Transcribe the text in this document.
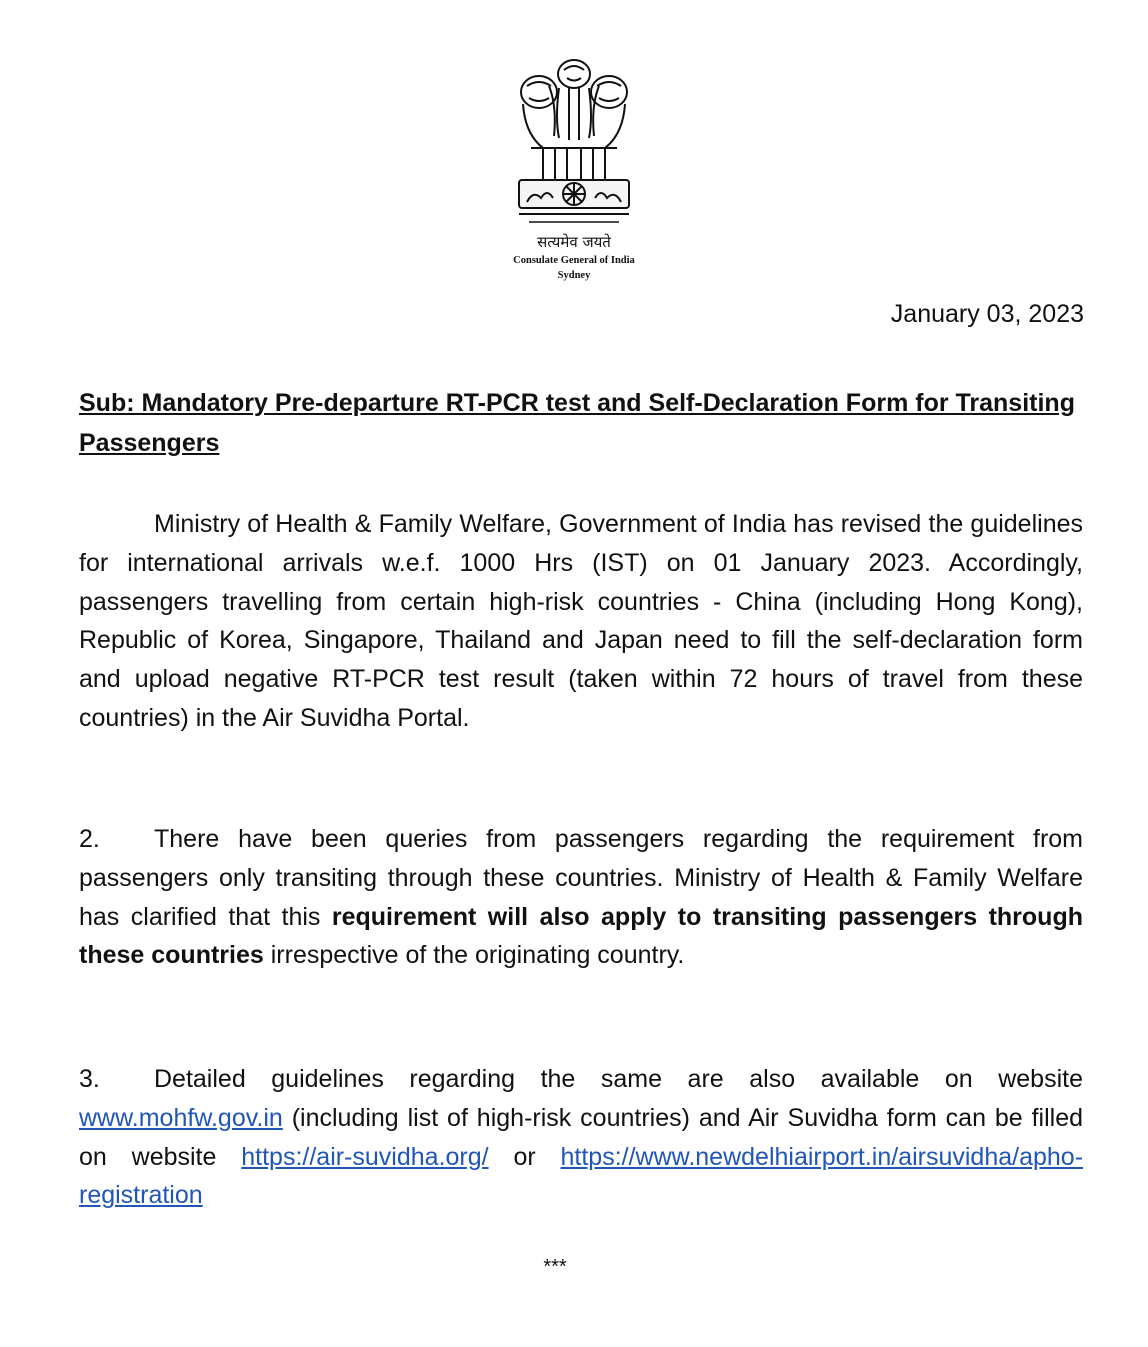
सत्यमेव जयते
Consulate General of India
Sydney
January 03, 2023
Sub: Mandatory Pre-departure RT-PCR test and Self-Declaration Form for Transiting Passengers

Ministry of Health & Family Welfare, Government of India has revised the guidelines for international arrivals w.e.f. 1000 Hrs (IST) on 01 January 2023. Accordingly, passengers travelling from certain high-risk countries - China (including Hong Kong), Republic of Korea, Singapore, Thailand and Japan need to fill the self-declaration form and upload negative RT-PCR test result (taken within 72 hours of travel from these countries) in the Air Suvidha Portal.

2. There have been queries from passengers regarding the requirement from passengers only transiting through these countries. Ministry of Health & Family Welfare has clarified that this requirement will also apply to transiting passengers through these countries irrespective of the originating country.

3. Detailed guidelines regarding the same are also available on website www.mohfw.gov.in (including list of high-risk countries) and Air Suvidha form can be filled on website https://air-suvidha.org/ or https://www.newdelhiairport.in/airsuvidha/apho-registration

***
